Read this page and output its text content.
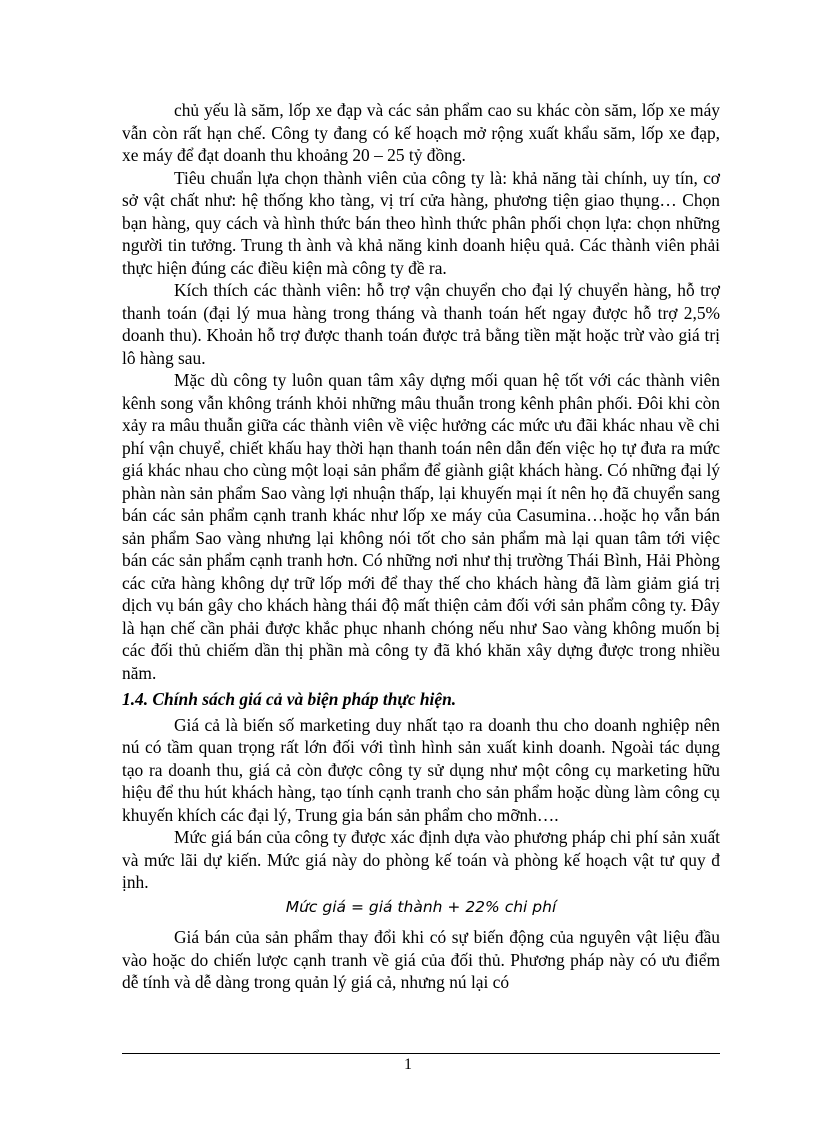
chủ yếu là săm, lốp xe đạp và các sản phẩm cao su khác còn săm, lốp xe máy vẫn còn rất hạn chế. Công ty đang có kế hoạch mở rộng xuất khẩu săm, lốp xe đạp, xe máy để đạt doanh thu khoảng 20 – 25 tỷ đồng.

Tiêu chuẩn lựa chọn thành viên của công ty là: khả năng tài chính, uy tín, cơ sở vật chất như: hệ thống kho tàng, vị trí cửa hàng, phương tiện giao thụng… Chọn bạn hàng, quy cách và hình thức bán theo hình thức phân phối chọn lựa: chọn những người tin tưởng. Trung th ành và khả năng kinh doanh hiệu quả. Các thành viên phải thực hiện đúng các điều kiện mà công ty đề ra.

Kích thích các thành viên: hỗ trợ vận chuyển cho đại lý chuyển hàng, hỗ trợ thanh toán (đại lý mua hàng trong tháng và thanh toán hết ngay được hỗ trợ 2,5% doanh thu). Khoản hỗ trợ được thanh toán được trả bằng tiền mặt hoặc trừ vào giá trị lô hàng sau.

Mặc dù công ty luôn quan tâm xây dựng mối quan hệ tốt với các thành viên kênh song vẫn không tránh khỏi những mâu thuẫn trong kênh phân phối. Đôi khi còn xảy ra mâu thuẫn giữa các thành viên về việc hưởng các mức ưu đãi khác nhau về chi phí vận chuyể, chiết khấu hay thời hạn thanh toán nên dẫn đến việc họ tự đưa ra mức giá khác nhau cho cùng một loại sản phẩm để giành giật khách hàng. Có những đại lý phàn nàn sản phẩm Sao vàng lợi nhuận thấp, lại khuyến mại ít nên họ đã chuyển sang bán các sản phẩm cạnh tranh khác như lốp xe máy của Casumina…hoặc họ vẫn bán sản phẩm Sao vàng nhưng lại không nói tốt cho sản phẩm mà lại quan tâm tới việc bán các sản phẩm cạnh tranh hơn. Có những nơi như thị trường Thái Bình, Hải Phòng các cửa hàng không dự trữ lốp mới để thay thế cho khách hàng đã làm giảm giá trị dịch vụ bán gây cho khách hàng thái độ mất thiện cảm đối với sản phẩm công ty. Đây là hạn chế cần phải được khắc phục nhanh chóng nếu như Sao vàng không muốn bị các đối thủ chiếm dần thị phần mà công ty đã khó khăn xây dựng được trong nhiều năm.

1.4. Chính sách giá cả và biện pháp thực hiện.

Giá cả là biến số marketing duy nhất tạo ra doanh thu cho doanh nghiệp nên nú có tầm quan trọng rất lớn đối với tình hình sản xuất kinh doanh. Ngoài tác dụng tạo ra doanh thu, giá cả còn được công ty sử dụng như một công cụ marketing hữu hiệu để thu hút khách hàng, tạo tính cạnh tranh cho sản phẩm hoặc dùng làm công cụ khuyến khích các đại lý, Trung gia bán sản phẩm cho mỡnh….

Mức giá bán của công ty được xác định dựa vào phương pháp chi phí sản xuất và mức lãi dự kiến. Mức giá này do phòng kế toán và phòng kế hoạch vật tư quy đ ịnh.

Mức giá = giá thành + 22% chi phí

Giá bán của sản phẩm thay đổi khi có sự biến động của nguyên vật liệu đầu vào hoặc do chiến lược cạnh tranh về giá của đối thủ. Phương pháp này có ưu điểm dễ tính và dễ dàng trong quản lý giá cả, nhưng nú lại có

1
